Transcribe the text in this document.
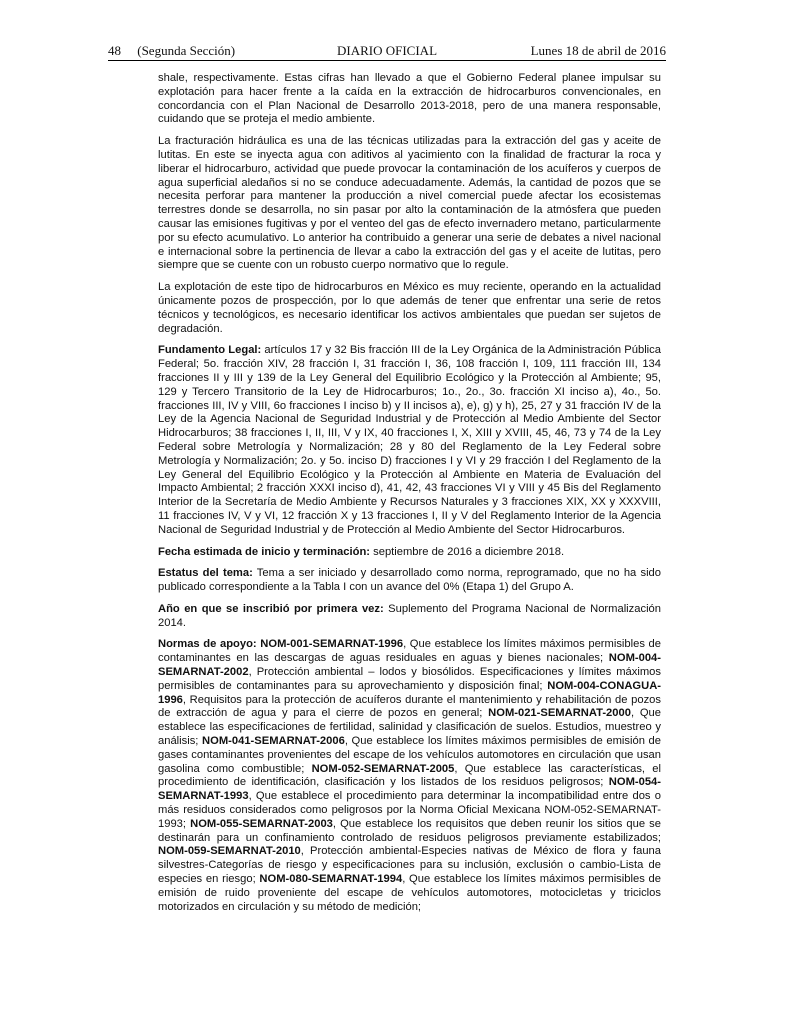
48     (Segunda Sección)	DIARIO OFICIAL	Lunes 18 de abril de 2016

shale, respectivamente. Estas cifras han llevado a que el Gobierno Federal planee impulsar su explotación para hacer frente a la caída en la extracción de hidrocarburos convencionales, en concordancia con el Plan Nacional de Desarrollo 2013-2018, pero de una manera responsable, cuidando que se proteja el medio ambiente.

La fracturación hidráulica es una de las técnicas utilizadas para la extracción del gas y aceite de lutitas. En este se inyecta agua con aditivos al yacimiento con la finalidad de fracturar la roca y liberar el hidrocarburo, actividad que puede provocar la contaminación de los acuíferos y cuerpos de agua superficial aledaños si no se conduce adecuadamente. Además, la cantidad de pozos que se necesita perforar para mantener la producción a nivel comercial puede afectar los ecosistemas terrestres donde se desarrolla, no sin pasar por alto la contaminación de la atmósfera que pueden causar las emisiones fugitivas y por el venteo del gas de efecto invernadero metano, particularmente por su efecto acumulativo. Lo anterior ha contribuido a generar una serie de debates a nivel nacional e internacional sobre la pertinencia de llevar a cabo la extracción del gas y el aceite de lutitas, pero siempre que se cuente con un robusto cuerpo normativo que lo regule.

La explotación de este tipo de hidrocarburos en México es muy reciente, operando en la actualidad únicamente pozos de prospección, por lo que además de tener que enfrentar una serie de retos técnicos y tecnológicos, es necesario identificar los activos ambientales que puedan ser sujetos de degradación.

Fundamento Legal: artículos 17 y 32 Bis fracción III de la Ley Orgánica de la Administración Pública Federal; 5o. fracción XIV, 28 fracción I, 31 fracción I, 36, 108 fracción I, 109, 111 fracción III, 134 fracciones II y III y 139 de la Ley General del Equilibrio Ecológico y la Protección al Ambiente; 95, 129 y Tercero Transitorio de la Ley de Hidrocarburos; 1o., 2o., 3o. fracción XI inciso a), 4o., 5o. fracciones III, IV y VIII, 6o fracciones I inciso b) y II incisos a), e), g) y h), 25, 27 y 31 fracción IV de la Ley de la Agencia Nacional de Seguridad Industrial y de Protección al Medio Ambiente del Sector Hidrocarburos; 38 fracciones I, II, III, V y IX, 40 fracciones I, X, XIII y XVIII, 45, 46, 73 y 74 de la Ley Federal sobre Metrología y Normalización; 28 y 80 del Reglamento de la Ley Federal sobre Metrología y Normalización; 2o. y 5o. inciso D) fracciones I y VI y 29 fracción I del Reglamento de la Ley General del Equilibrio Ecológico y la Protección al Ambiente en Materia de Evaluación del Impacto Ambiental; 2 fracción XXXI inciso d), 41, 42, 43 fracciones VI y VIII y 45 Bis del Reglamento Interior de la Secretaría de Medio Ambiente y Recursos Naturales y 3 fracciones XIX, XX y XXXVIII, 11 fracciones IV, V y VI, 12 fracción X y 13 fracciones I, II y V del Reglamento Interior de la Agencia Nacional de Seguridad Industrial y de Protección al Medio Ambiente del Sector Hidrocarburos.

Fecha estimada de inicio y terminación: septiembre de 2016 a diciembre 2018.

Estatus del tema: Tema a ser iniciado y desarrollado como norma, reprogramado, que no ha sido publicado correspondiente a la Tabla I con un avance del 0% (Etapa 1) del Grupo A.

Año en que se inscribió por primera vez: Suplemento del Programa Nacional de Normalización 2014.

Normas de apoyo: NOM-001-SEMARNAT-1996, Que establece los límites máximos permisibles de contaminantes en las descargas de aguas residuales en aguas y bienes nacionales; NOM-004-SEMARNAT-2002, Protección ambiental – lodos y biosólidos. Especificaciones y límites máximos permisibles de contaminantes para su aprovechamiento y disposición final; NOM-004-CONAGUA-1996, Requisitos para la protección de acuíferos durante el mantenimiento y rehabilitación de pozos de extracción de agua y para el cierre de pozos en general; NOM-021-SEMARNAT-2000, Que establece las especificaciones de fertilidad, salinidad y clasificación de suelos. Estudios, muestreo y análisis; NOM-041-SEMARNAT-2006, Que establece los límites máximos permisibles de emisión de gases contaminantes provenientes del escape de los vehículos automotores en circulación que usan gasolina como combustible; NOM-052-SEMARNAT-2005, Que establece las características, el procedimiento de identificación, clasificación y los listados de los residuos peligrosos; NOM-054-SEMARNAT-1993, Que establece el procedimiento para determinar la incompatibilidad entre dos o más residuos considerados como peligrosos por la Norma Oficial Mexicana NOM-052-SEMARNAT-1993; NOM-055-SEMARNAT-2003, Que establece los requisitos que deben reunir los sitios que se destinarán para un confinamiento controlado de residuos peligrosos previamente estabilizados; NOM-059-SEMARNAT-2010, Protección ambiental-Especies nativas de México de flora y fauna silvestres-Categorías de riesgo y especificaciones para su inclusión, exclusión o cambio-Lista de especies en riesgo; NOM-080-SEMARNAT-1994, Que establece los límites máximos permisibles de emisión de ruido proveniente del escape de vehículos automotores, motocicletas y triciclos motorizados en circulación y su método de medición;
